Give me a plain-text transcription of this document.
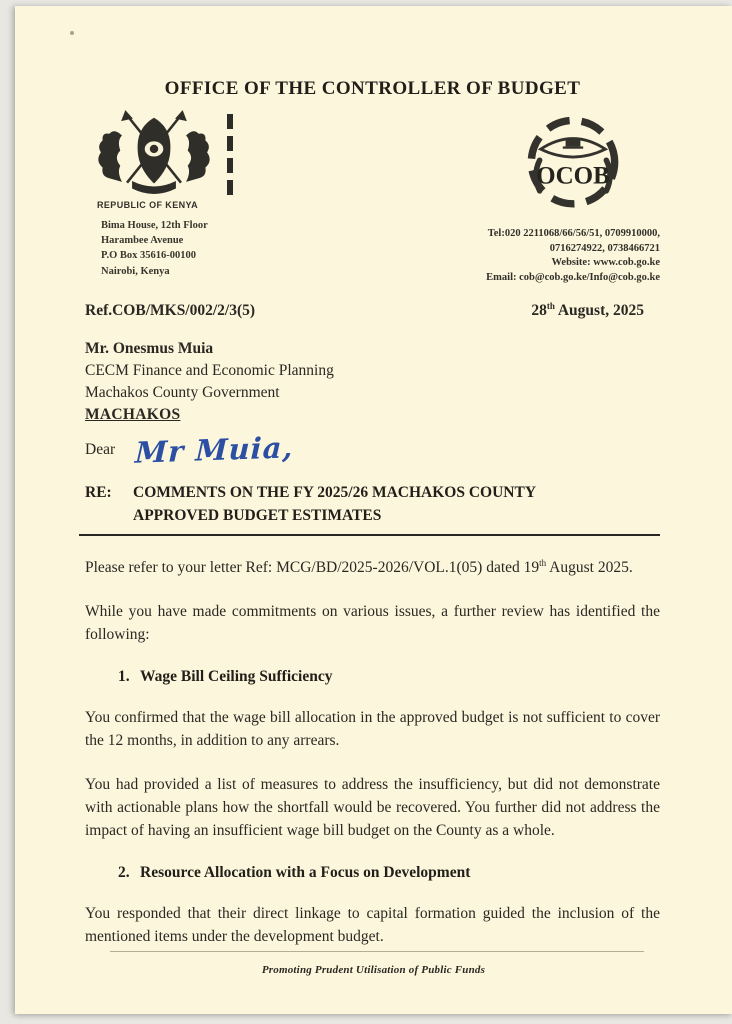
OFFICE OF THE CONTROLLER OF BUDGET
REPUBLIC OF KENYA
Bima House, 12th Floor
Harambee Avenue
P.O Box 35616-00100
Nairobi, Kenya
OCOB
Tel:020 2211068/66/56/51, 0709910000,
0716274922, 0738466721
Website: www.cob.go.ke
Email: cob@cob.go.ke/Info@cob.go.ke
Ref.COB/MKS/002/2/3(5)	28th August, 2025
Mr. Onesmus Muia
CECM Finance and Economic Planning
Machakos County Government
MACHAKOS
Dear Mr Muia,
RE:	COMMENTS ON THE FY 2025/26 MACHAKOS COUNTY
APPROVED BUDGET ESTIMATES

Please refer to your letter Ref: MCG/BD/2025-2026/VOL.1(05) dated 19th August 2025.

While you have made commitments on various issues, a further review has identified the following:

1. Wage Bill Ceiling Sufficiency

You confirmed that the wage bill allocation in the approved budget is not sufficient to cover the 12 months, in addition to any arrears.

You had provided a list of measures to address the insufficiency, but did not demonstrate with actionable plans how the shortfall would be recovered. You further did not address the impact of having an insufficient wage bill budget on the County as a whole.

2. Resource Allocation with a Focus on Development

You responded that their direct linkage to capital formation guided the inclusion of the mentioned items under the development budget.

Promoting Prudent Utilisation of Public Funds
